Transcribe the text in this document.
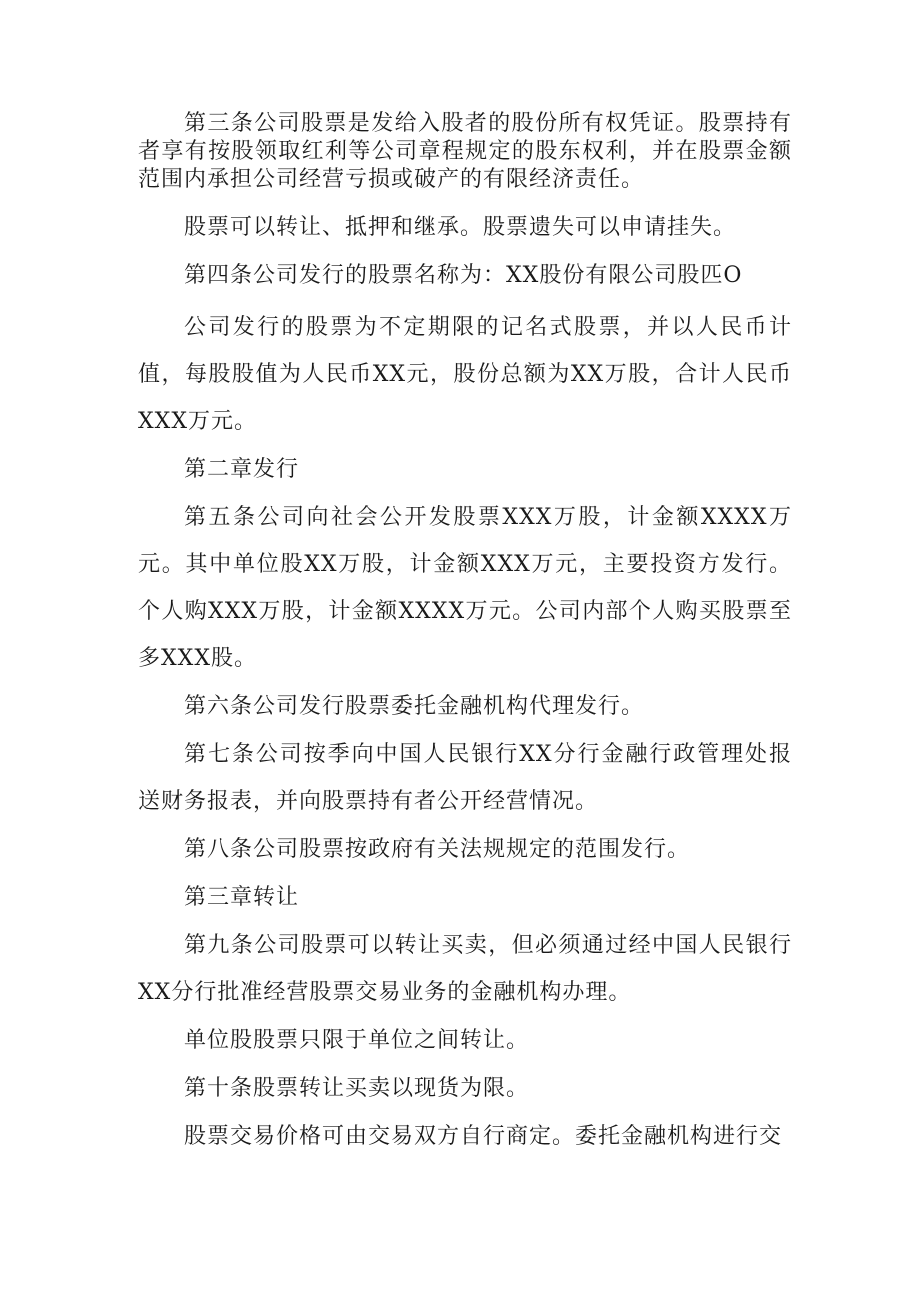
第三条公司股票是发给入股者的股份所有权凭证。股票持有者享有按股领取红利等公司章程规定的股东权利，并在股票金额范围内承担公司经营亏损或破产的有限经济责任。

股票可以转让、抵押和继承。股票遗失可以申请挂失。

第四条公司发行的股票名称为：XX股份有限公司股匹O

公司发行的股票为不定期限的记名式股票，并以人民币计值，每股股值为人民币XX元，股份总额为XX万股，合计人民币XXX万元。

第二章发行

第五条公司向社会公开发股票XXX万股，计金额XXXX万元。其中单位股XX万股，计金额XXX万元，主要投资方发行。个人购XXX万股，计金额XXXX万元。公司内部个人购买股票至多XXX股。

第六条公司发行股票委托金融机构代理发行。

第七条公司按季向中国人民银行XX分行金融行政管理处报送财务报表，并向股票持有者公开经营情况。

第八条公司股票按政府有关法规规定的范围发行。

第三章转让

第九条公司股票可以转让买卖，但必须通过经中国人民银行XX分行批准经营股票交易业务的金融机构办理。

单位股股票只限于单位之间转让。

第十条股票转让买卖以现货为限。

股票交易价格可由交易双方自行商定。委托金融机构进行交
